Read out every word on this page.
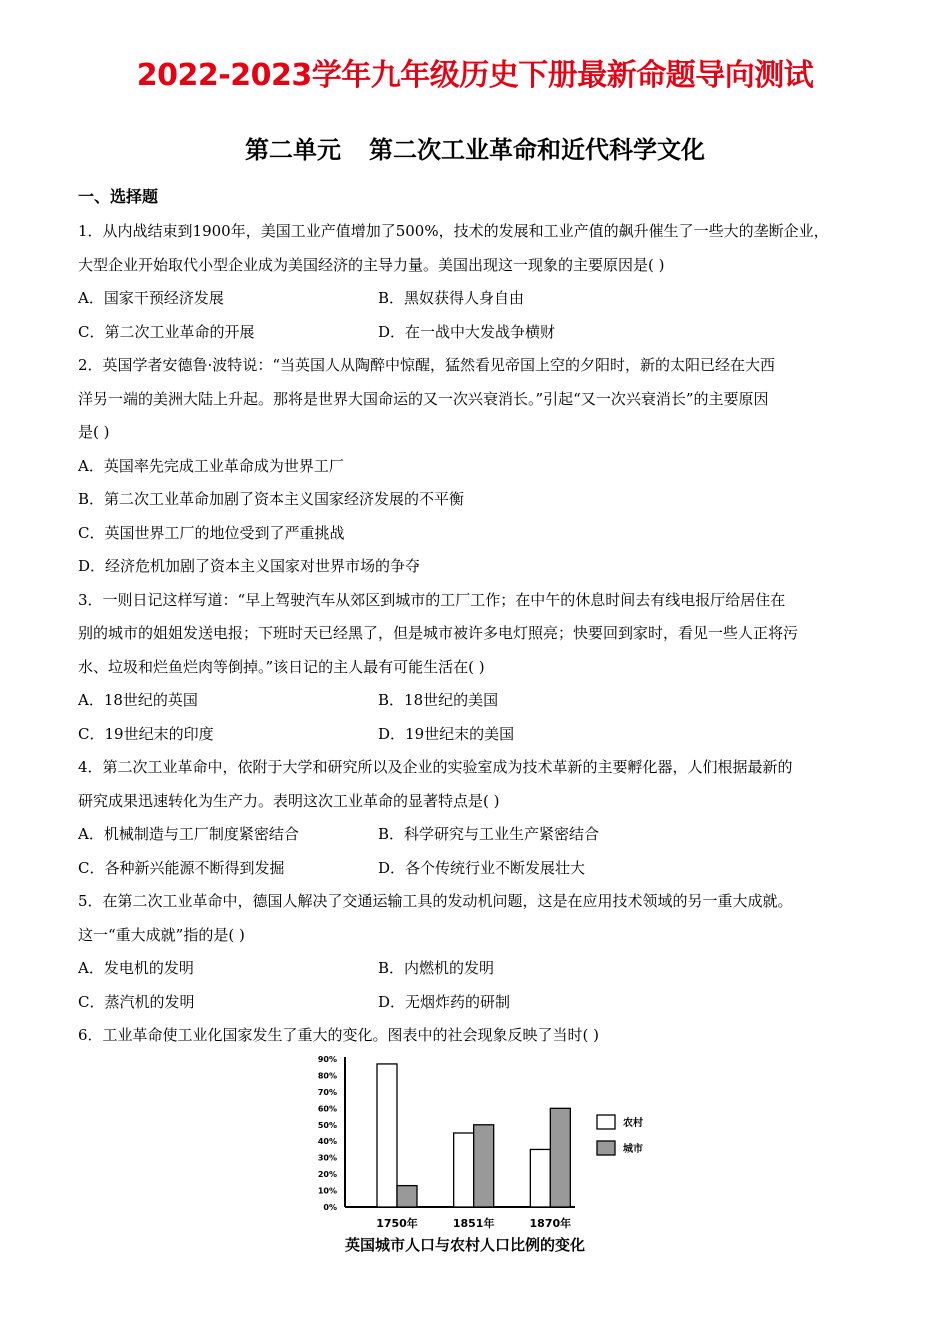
2022-2023学年九年级历史下册最新命题导向测试
第二单元 第二次工业革命和近代科学文化
一、选择题
1．从内战结束到1900年，美国工业产值增加了500%，技术的发展和工业产值的飙升催生了一些大的垄断企业，
大型企业开始取代小型企业成为美国经济的主导力量。美国出现这一现象的主要原因是( )
A．国家干预经济发展	B．黑奴获得人身自由
C．第二次工业革命的开展	D．在一战中大发战争横财
2．英国学者安德鲁·波特说：“当英国人从陶醉中惊醒，猛然看见帝国上空的夕阳时，新的太阳已经在大西
洋另一端的美洲大陆上升起。那将是世界大国命运的又一次兴衰消长。”引起“又一次兴衰消长”的主要原因
是( )
A．英国率先完成工业革命成为世界工厂
B．第二次工业革命加剧了资本主义国家经济发展的不平衡
C．英国世界工厂的地位受到了严重挑战
D．经济危机加剧了资本主义国家对世界市场的争夺
3．一则日记这样写道：“早上驾驶汽车从郊区到城市的工厂工作；在中午的休息时间去有线电报厅给居住在
别的城市的姐姐发送电报；下班时天已经黑了，但是城市被许多电灯照亮；快要回到家时，看见一些人正将污
水、垃圾和烂鱼烂肉等倒掉。”该日记的主人最有可能生活在( )
A．18世纪的英国	B．18世纪的美国
C．19世纪末的印度	D．19世纪末的美国
4．第二次工业革命中，依附于大学和研究所以及企业的实验室成为技术革新的主要孵化器，人们根据最新的
研究成果迅速转化为生产力。表明这次工业革命的显著特点是( )
A．机械制造与工厂制度紧密结合	B．科学研究与工业生产紧密结合
C．各种新兴能源不断得到发掘	D．各个传统行业不断发展壮大
5．在第二次工业革命中，德国人解决了交通运输工具的发动机问题，这是在应用技术领域的另一重大成就。
这一“重大成就”指的是( )
A．发电机的发明	B．内燃机的发明
C．蒸汽机的发明	D．无烟炸药的研制
6．工业革命使工业化国家发生了重大的变化。图表中的社会现象反映了当时( )
0%
10%
20%
30%
40%
50%
60%
70%
80%
90%
1750年	1851年	1870年
农村
城市
英国城市人口与农村人口比例的变化
